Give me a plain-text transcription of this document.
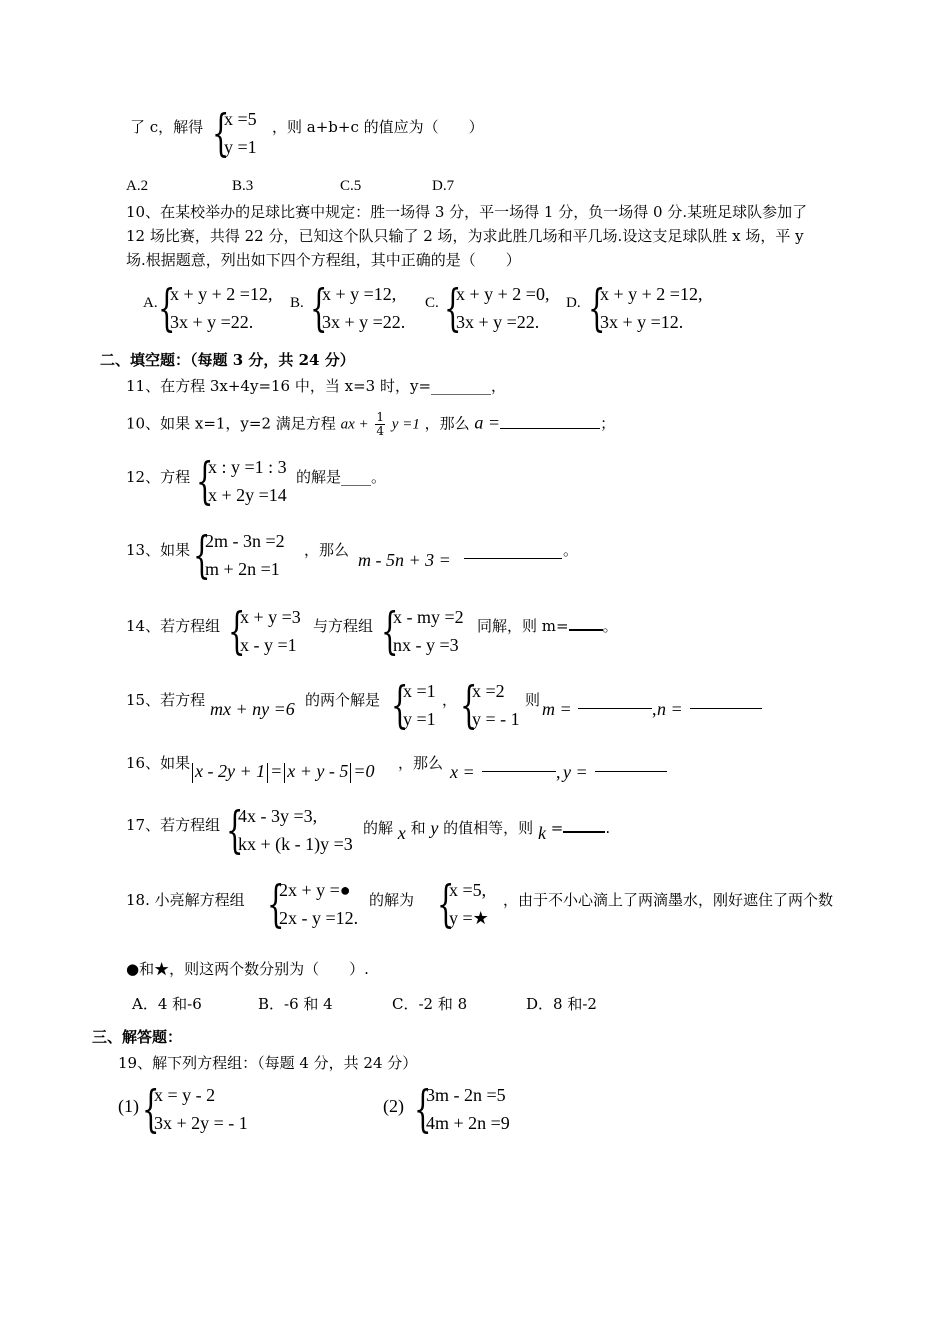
了 c，解得 {
x =5
y =1
，则 a+b+c 的值应为（　　）
A.2	B.3	C.5	D.7
10、在某校举办的足球比赛中规定：胜一场得 3 分，平一场得 1 分，负一场得 0 分.某班足球队参加了
12 场比赛，共得 22 分，已知这个队只输了 2 场，为求此胜几场和平几场.设这支足球队胜 x 场，平 y
场.根据题意，列出如下四个方程组，其中正确的是（　　）
A. {
x + y + 2 =12,
3x + y =22.
B. {
x + y =12,
3x + y =22.
C. {
x + y + 2 =0,
3x + y =22.
D. {
x + y + 2 =12,
3x + y =12.
二、填空题：（每题 3 分，共 24 分）
11、在方程 3x+4y=16 中，当 x=3 时，y=________，
10、如果 x=1，y=2 满足方程 ax + $\frac{1}{4}$ y =1 ，那么 a =	；
12、方程 {
x : y =1 : 3
x + 2y =14
的解是____。
13、如果 {
2m - 3n =2
m + 2n =1
，那么 m - 5n + 3 =	。
14、若方程组 {
x + y =3
x - y =1
与方程组 {
x - my =2
nx - y =3
同解，则 m= 。
15、若方程 mx + ny =6 的两个解是 {
x =1
y =1
， {
x =2
y = - 1
则 m =	, n =
16、如果 x - 2y + 1 = x + y - 5 =0 ，那么 x =	, y =
17、若方程组 {
4x - 3y =3,
kx + (k - 1)y =3
的解 x 和 y 的值相等，则 k =	.
18. 小亮解方程组 {
2x + y =●
2x - y =12.
的解为 {
x =5,
y =★
，由于不小心滴上了两滴墨水，刚好遮住了两个数
●和★，则这两个数分别为（　　）.
A．4 和-6	B．-6 和 4	C．-2 和 8	D．8 和-2
三、解答题：
19、解下列方程组：（每题 4 分，共 24 分）
(1) {
x = y - 2
3x + 2y = - 1
(2) {
3m - 2n =5
4m + 2n =9
